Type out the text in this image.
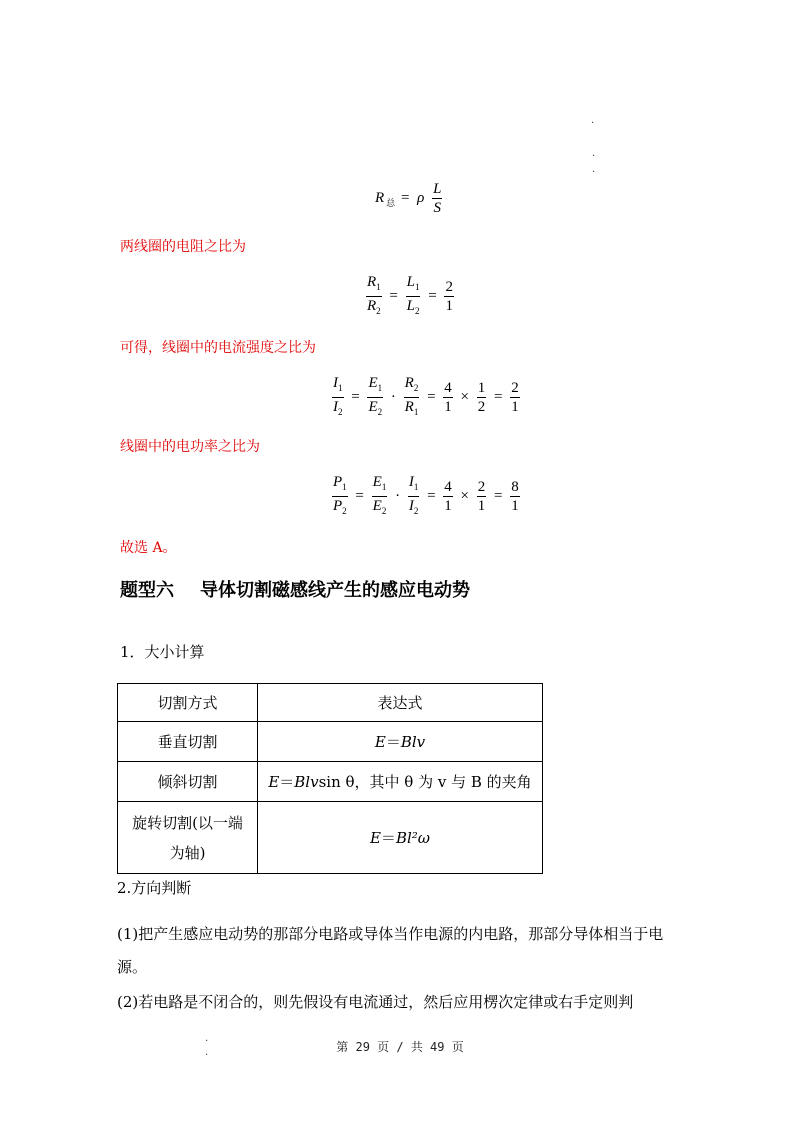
.
.
.
R $_总$ = ρ $\frac{L}{S}$
两线圈的电阻之比为
$\frac{R_1}{R_2} = \frac{L_1}{L_2} = \frac{2}{1}$
可得，线圈中的电流强度之比为
$\frac{I_1}{I_2} = \frac{E_1}{E_2} \cdot \frac{R_2}{R_1} = \frac{4}{1} \times \frac{1}{2} = \frac{2}{1}$
线圈中的电功率之比为
$\frac{P_1}{P_2} = \frac{E_1}{E_2} \cdot \frac{I_1}{I_2} = \frac{4}{1} \times \frac{2}{1} = \frac{8}{1}$
故选 A。
题型六 导体切割磁感线产生的感应电动势
1．大小计算
切割方式	表达式
垂直切割	E＝Blv
倾斜切割	E＝Blvsin θ，其中 θ 为 v 与 B 的夹角
旋转切割(以一端为轴)	E＝Bl²ω
2.方向判断
(1)把产生感应电动势的那部分电路或导体当作电源的内电路，那部分导体相当于电源。
(2)若电路是不闭合的，则先假设有电流通过，然后应用楞次定律或右手定则判
.
.	第 29 页 / 共 49 页
